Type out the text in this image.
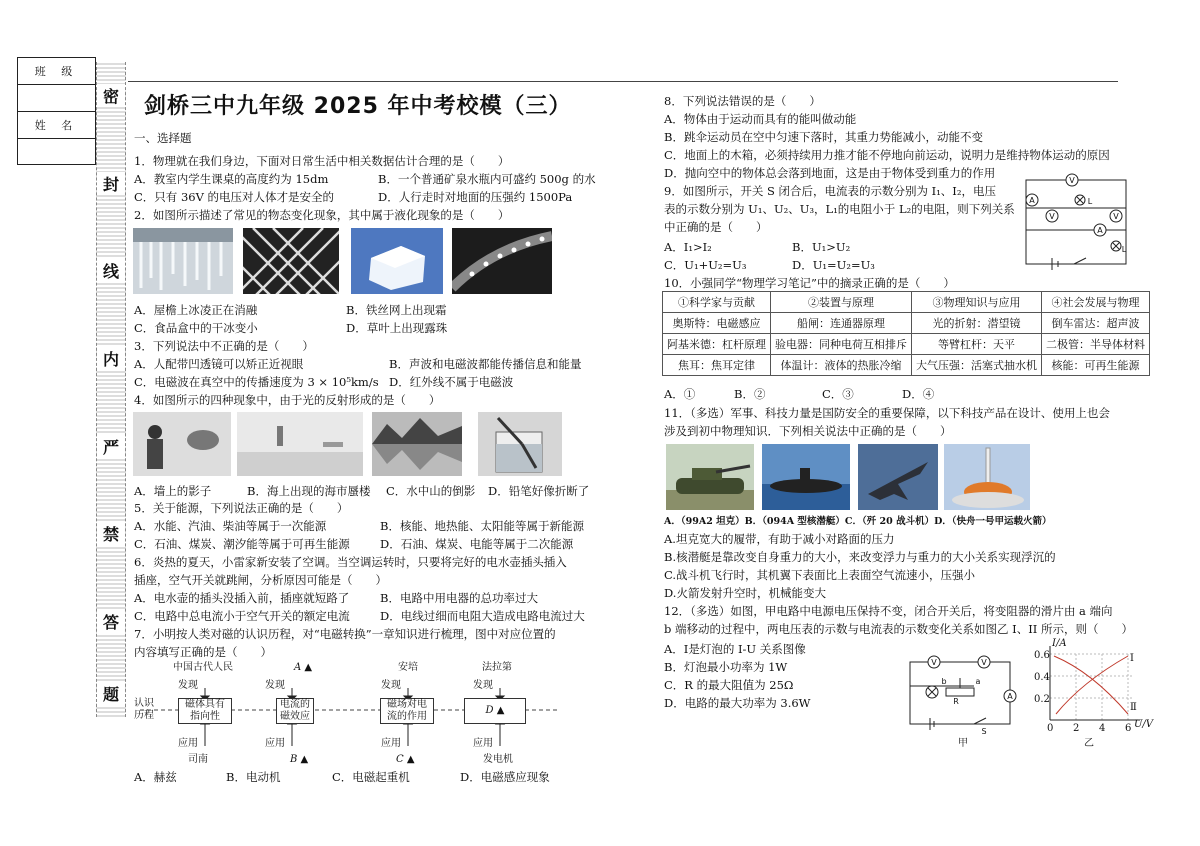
班 级
姓 名
密
封
线
内
严
禁
答
题
剑桥三中九年级 2025 年中考校模（三）
一、选择题
1．物理就在我们身边，下面对日常生活中相关数据估计合理的是（　　）
A．教室内学生课桌的高度约为 15dm	B．一个普通矿泉水瓶内可盛约 500g 的水
C．只有 36V 的电压对人体才是安全的	D．人行走时对地面的压强约 1500Pa
2．如图所示描述了常见的物态变化现象，其中属于液化现象的是（　　）
A．屋檐上冰凌正在消融	B．铁丝网上出现霜
C．食品盒中的干冰变小	D．草叶上出现露珠
3．下列说法中不正确的是（　　）
A．人配带凹透镜可以矫正近视眼	B．声波和电磁波都能传播信息和能量
C．电磁波在真空中的传播速度为 3 × 10⁵km/s D．红外线不属于电磁波
4．如图所示的四种现象中，由于光的反射形成的是（　　）
A．墙上的影子	B．海上出现的海市蜃楼 C．水中山的倒影 D．铅笔好像折断了
5．关于能源，下列说法正确的是（　　）
A．水能、汽油、柴油等属于一次能源	B．核能、地热能、太阳能等属于新能源
C．石油、煤炭、潮汐能等属于可再生能源	D．石油、煤炭、电能等属于二次能源
6．炎热的夏天，小雷家新安装了空调。当空调运转时，只要将完好的电水壶插头插入
插座，空气开关就跳闸，分析原因可能是（　　）
A．电水壶的插头没插入前，插座就短路了	B．电路中用电器的总功率过大
C．电路中总电流小于空气开关的额定电流	D．电线过细而电阻大造成电路电流过大
7．小明按人类对磁的认识历程，对“电磁转换”一章知识进行梳理，图中对应位置的
内容填写正确的是（　　）
中国古代人民	A ▲	安培	法拉第
发现	发现	发现	发现
认识
历程
磁体具有
指向性
电流的
磁效应
磁场对电
流的作用
D ▲
应用	应用	应用	应用
司南	B ▲	C ▲	发电机
A．赫兹	B．电动机	C．电磁起重机	D．电磁感应现象
8．下列说法错误的是（　　）
A．物体由于运动而具有的能叫做动能
B．跳伞运动员在空中匀速下落时，其重力势能减小，动能不变
C．地面上的木箱，必须持续用力推才能不停地向前运动，说明力是维持物体运动的原因
D．抛向空中的物体总会落到地面，这是由于物体受到重力的作用
9．如图所示，开关 S 闭合后，电流表的示数分别为 I₁、I₂，电压
表的示数分别为 U₁、U₂、U₃，L₁的电阻小于 L₂的电阻，则下列关系
中正确的是（　　）
A．I₁>I₂	B．U₁>U₂
C．U₁+U₂=U₃	D．U₁=U₂=U₃
V
A
V	V
A
L
L
10．小强同学“物理学习笔记”中的摘录正确的是（　　）
①科学家与贡献	②装置与原理	③物理知识与应用	④社会发展与物理
奥斯特：电磁感应	船闸：连通器原理	光的折射：潜望镜	倒车雷达：超声波
阿基米德：杠杆原理	验电器：同种电荷互相排斥	等臂杠杆：天平	二极管：半导体材料
焦耳：焦耳定律	体温计：液体的热胀冷缩	大气压强：活塞式抽水机	核能：可再生能源
A．①	B．②	C．③	D．④
11．（多选）军事、科技力量是国防安全的重要保障，以下科技产品在设计、使用上也会
涉及到初中物理知识．下列相关说法中正确的是（　　）
A．（99A2 坦克）B．（094A 型核潜艇）C．（歼 20 战斗机）D．（快舟一号甲运载火箭）
A.坦克宽大的履带，有助于减小对路面的压力
B.核潜艇是靠改变自身重力的大小，来改变浮力与重力的大小关系实现浮沉的
C.战斗机飞行时，其机翼下表面比上表面空气流速小，压强小
D.火箭发射升空时，机械能变大
12．（多选）如图，甲电路中电源电压保持不变，闭合开关后，将变阻器的滑片由 a 端向
b 端移动的过程中，两电压表的示数与电流表的示数变化关系如图乙 I、II 所示，则（　　）
A．Ⅰ是灯泡的 I-U 关系图像
B．灯泡最小功率为 1W
C．R 的最大阻值为 25Ω
D．电路的最大功率为 3.6W
V	V
A
R
b	a
S
甲
I/A
0.6
0.4
0.2
0 2 4 6 U/V
Ⅰ
Ⅱ
乙
